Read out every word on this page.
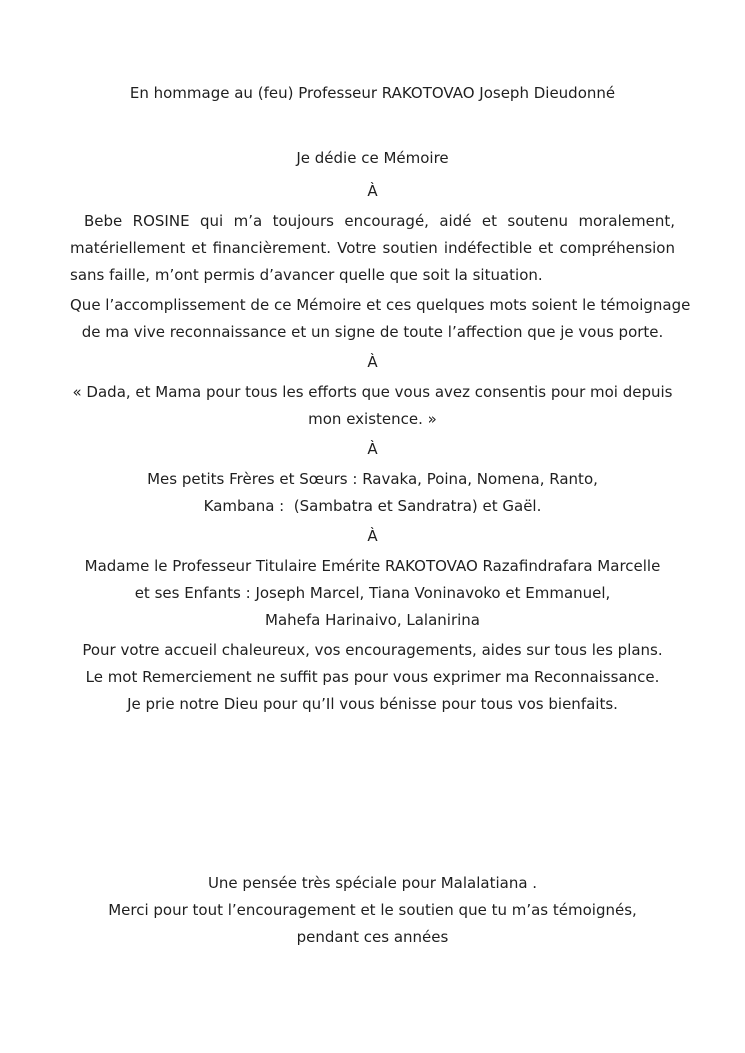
En hommage au (feu) Professeur RAKOTOVAO Joseph Dieudonné
Je dédie ce Mémoire
À
Bebe ROSINE qui m’a toujours encouragé, aidé et soutenu moralement,
matériellement et financièrement. Votre soutien indéfectible et compréhension
sans faille, m’ont permis d’avancer quelle que soit la situation.
Que l’accomplissement de ce Mémoire et ces quelques mots soient le témoignage
de ma vive reconnaissance et un signe de toute l’affection que je vous porte.
À
« Dada, et Mama pour tous les efforts que vous avez consentis pour moi depuis
mon existence. »
À
Mes petits Frères et Sœurs : Ravaka, Poina, Nomena, Ranto,
Kambana :  (Sambatra et Sandratra) et Gaël.
À
Madame le Professeur Titulaire Emérite RAKOTOVAO Razafindrafara Marcelle
et ses Enfants : Joseph Marcel, Tiana Voninavoko et Emmanuel,
Mahefa Harinaivo, Lalanirina
Pour votre accueil chaleureux, vos encouragements, aides sur tous les plans.
Le mot Remerciement ne suffit pas pour vous exprimer ma Reconnaissance.
Je prie notre Dieu pour qu’Il vous bénisse pour tous vos bienfaits.
Une pensée très spéciale pour Malalatiana .
Merci pour tout l’encouragement et le soutien que tu m’as témoignés,
pendant ces années
